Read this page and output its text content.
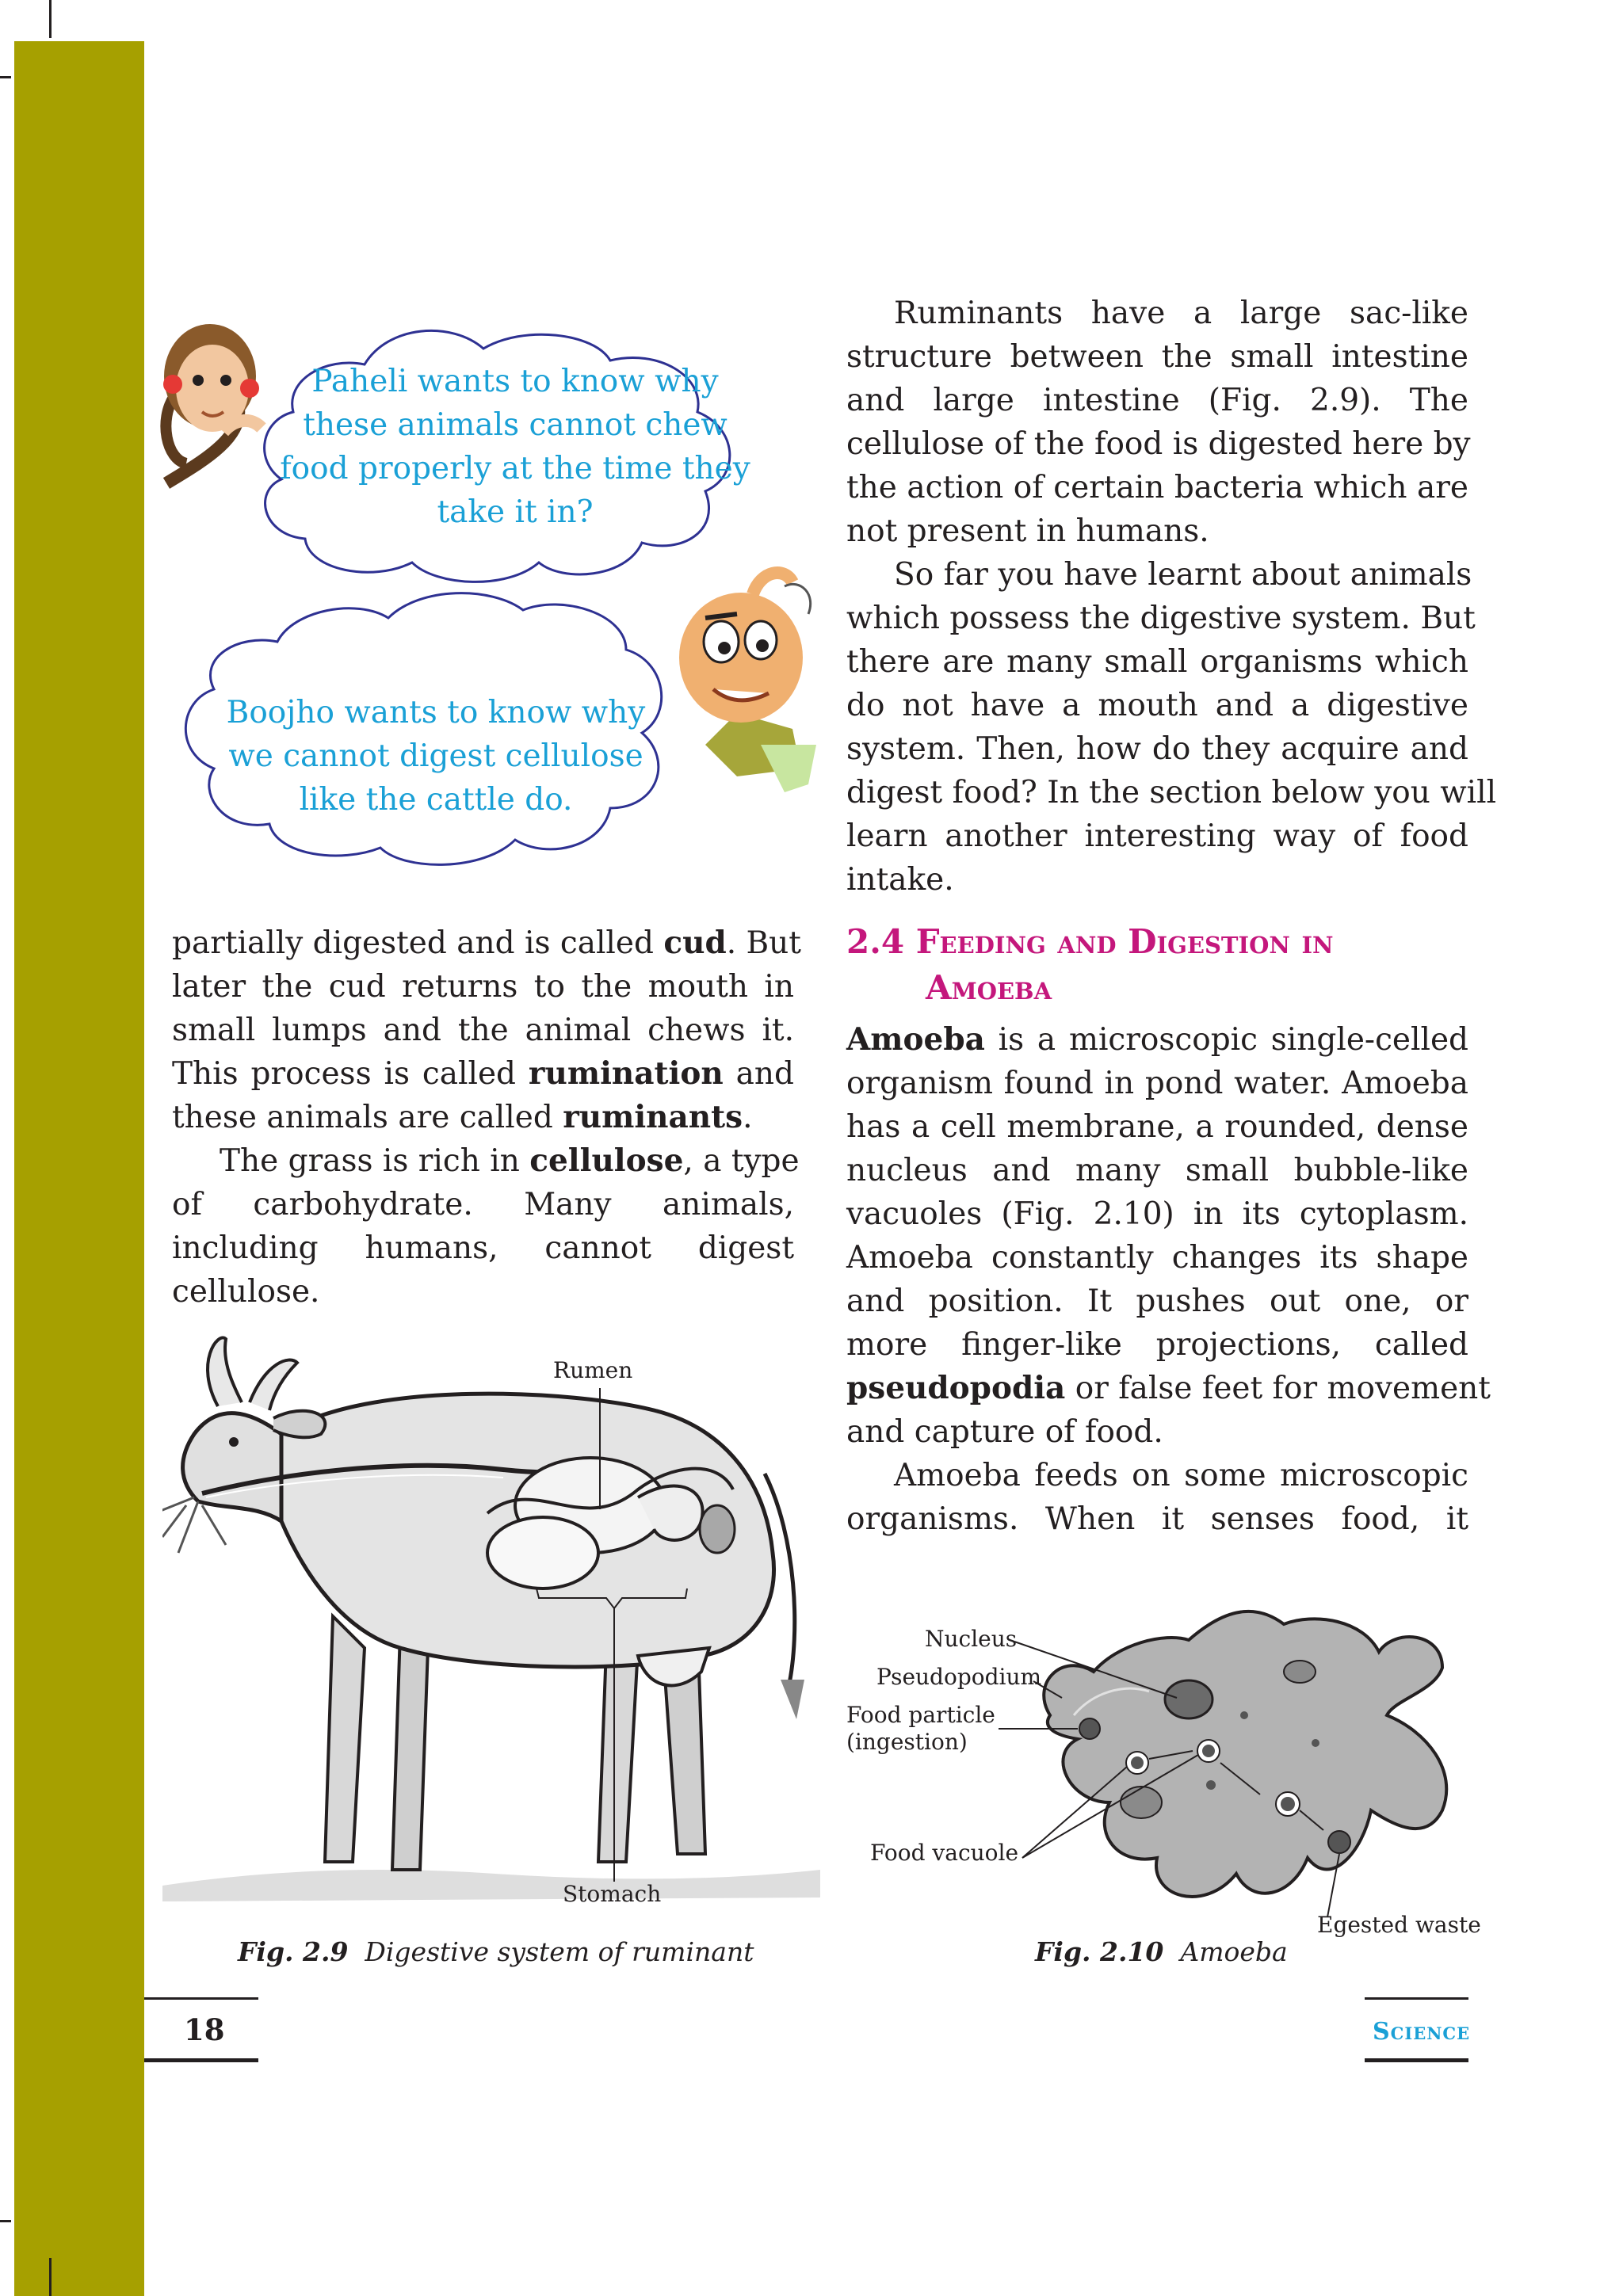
Paheli wants to know why
these animals cannot chew
food properly at the time they
take it in?
Boojho wants to know why
we cannot digest cellulose
like the cattle do.
partially digested and is called cud. But
later the cud returns to the mouth in
small lumps and the animal chews it.
This process is called rumination and
these animals are called ruminants.
The grass is rich in cellulose, a type
of carbohydrate. Many animals,
including humans, cannot digest
cellulose.
Ruminants have a large sac-like
structure between the small intestine
and large intestine (Fig. 2.9). The
cellulose of the food is digested here by
the action of certain bacteria which are
not present in humans.
So far you have learnt about animals
which possess the digestive system. But
there are many small organisms which
do not have a mouth and a digestive
system. Then, how do they acquire and
digest food? In the section below you will
learn another interesting way of food
intake.
2.4 Feeding and Digestion in
Amoeba
Amoeba is a microscopic single-celled
organism found in pond water. Amoeba
has a cell membrane, a rounded, dense
nucleus and many small bubble-like
vacuoles (Fig. 2.10) in its cytoplasm.
Amoeba constantly changes its shape
and position. It pushes out one, or
more finger-like projections, called
pseudopodia or false feet for movement
and capture of food.
Amoeba feeds on some microscopic
organisms. When it senses food, it
Rumen
Stomach
Fig. 2.9 Digestive system of ruminant
Nucleus
Pseudopodium
Food particle
(ingestion)
Food vacuole
Egested waste
Fig. 2.10 Amoeba
18	Science
